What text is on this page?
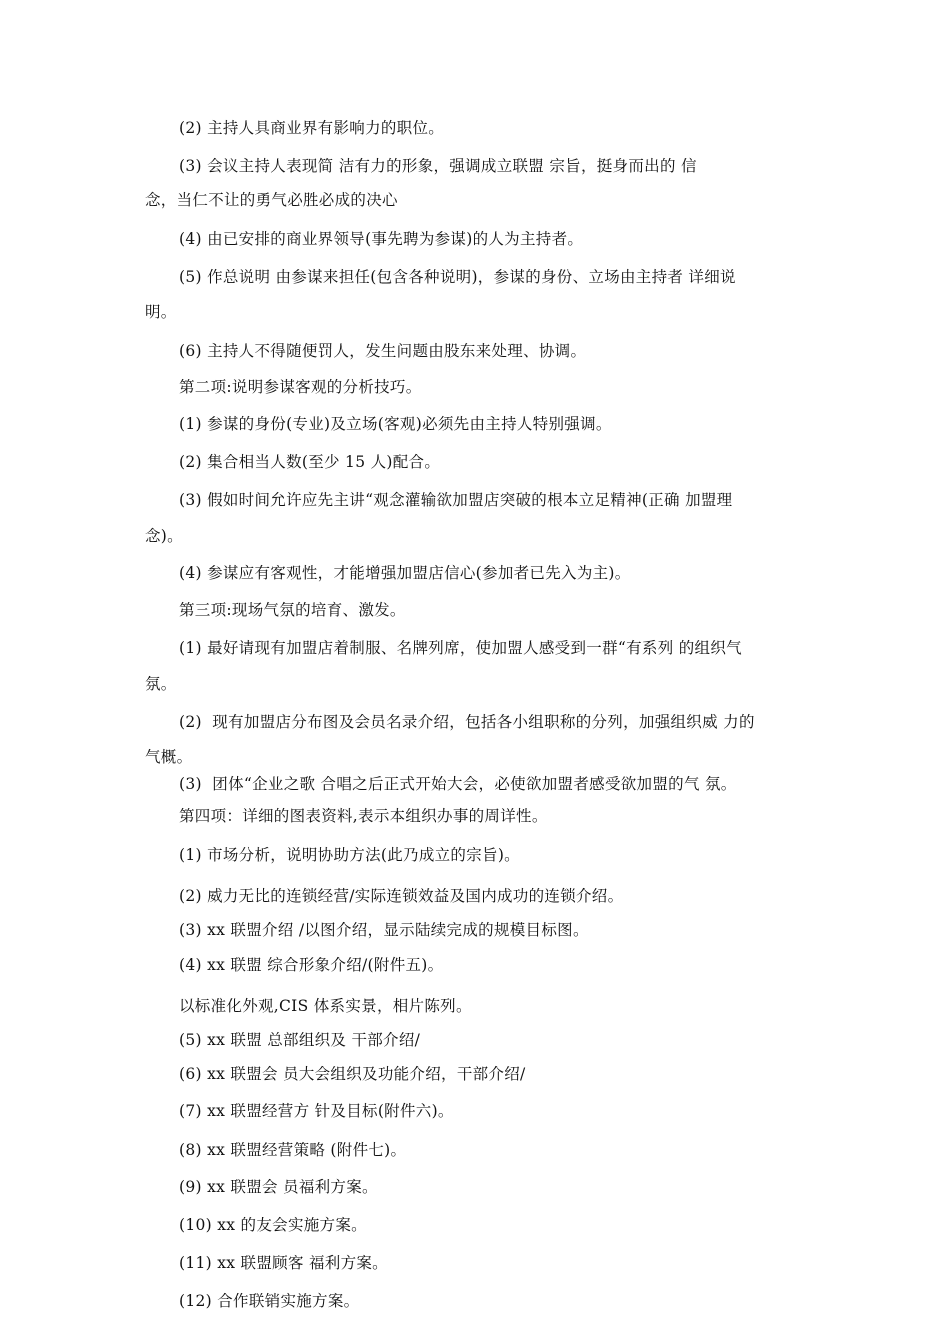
(2) 主持人具商业界有影响力的职位。
(3) 会议主持人表现简 洁有力的形象，强调成立联盟 宗旨，挺身而出的 信
念，当仁不让的勇气必胜必成的决心
(4) 由已安排的商业界领导(事先聘为参谋)的人为主持者。
(5) 作总说明 由参谋来担任(包含各种说明)，参谋的身份、立场由主持者 详细说
明。
(6) 主持人不得随便罚人，发生问题由股东来处理、协调。
第二项:说明参谋客观的分析技巧。
(1) 参谋的身份(专业)及立场(客观)必须先由主持人特别强调。
(2) 集合相当人数(至少 15 人)配合。
(3) 假如时间允许应先主讲“观念灌输欲加盟店突破的根本立足精神(正确 加盟理
念)。
(4) 参谋应有客观性，才能增强加盟店信心(参加者已先入为主)。
第三项:现场气氛的培育、激发。
(1) 最好请现有加盟店着制服、名牌列席，使加盟人感受到一群“有系列 的组织气
氛。
(2)  现有加盟店分布图及会员名录介绍，包括各小组职称的分列，加强组织威 力的
气概。
(3)  团体“企业之歌 合唱之后正式开始大会，必使欲加盟者感受欲加盟的气 氛。
第四项：详细的图表资料,表示本组织办事的周详性。
(1) 市场分析，说明协助方法(此乃成立的宗旨)。
(2) 威力无比的连锁经营/实际连锁效益及国内成功的连锁介绍。
(3) xx 联盟介绍 /以图介绍，显示陆续完成的规模目标图。
(4) xx 联盟 综合形象介绍/(附件五)。
以标准化外观,CIS 体系实景，相片陈列。
(5) xx 联盟 总部组织及 干部介绍/
(6) xx 联盟会 员大会组织及功能介绍，干部介绍/
(7) xx 联盟经营方 针及目标(附件六)。
(8) xx 联盟经营策略 (附件七)。
(9) xx 联盟会 员福利方案。
(10) xx 的友会实施方案。
(11) xx 联盟顾客 福利方案。
(12) 合作联销实施方案。
